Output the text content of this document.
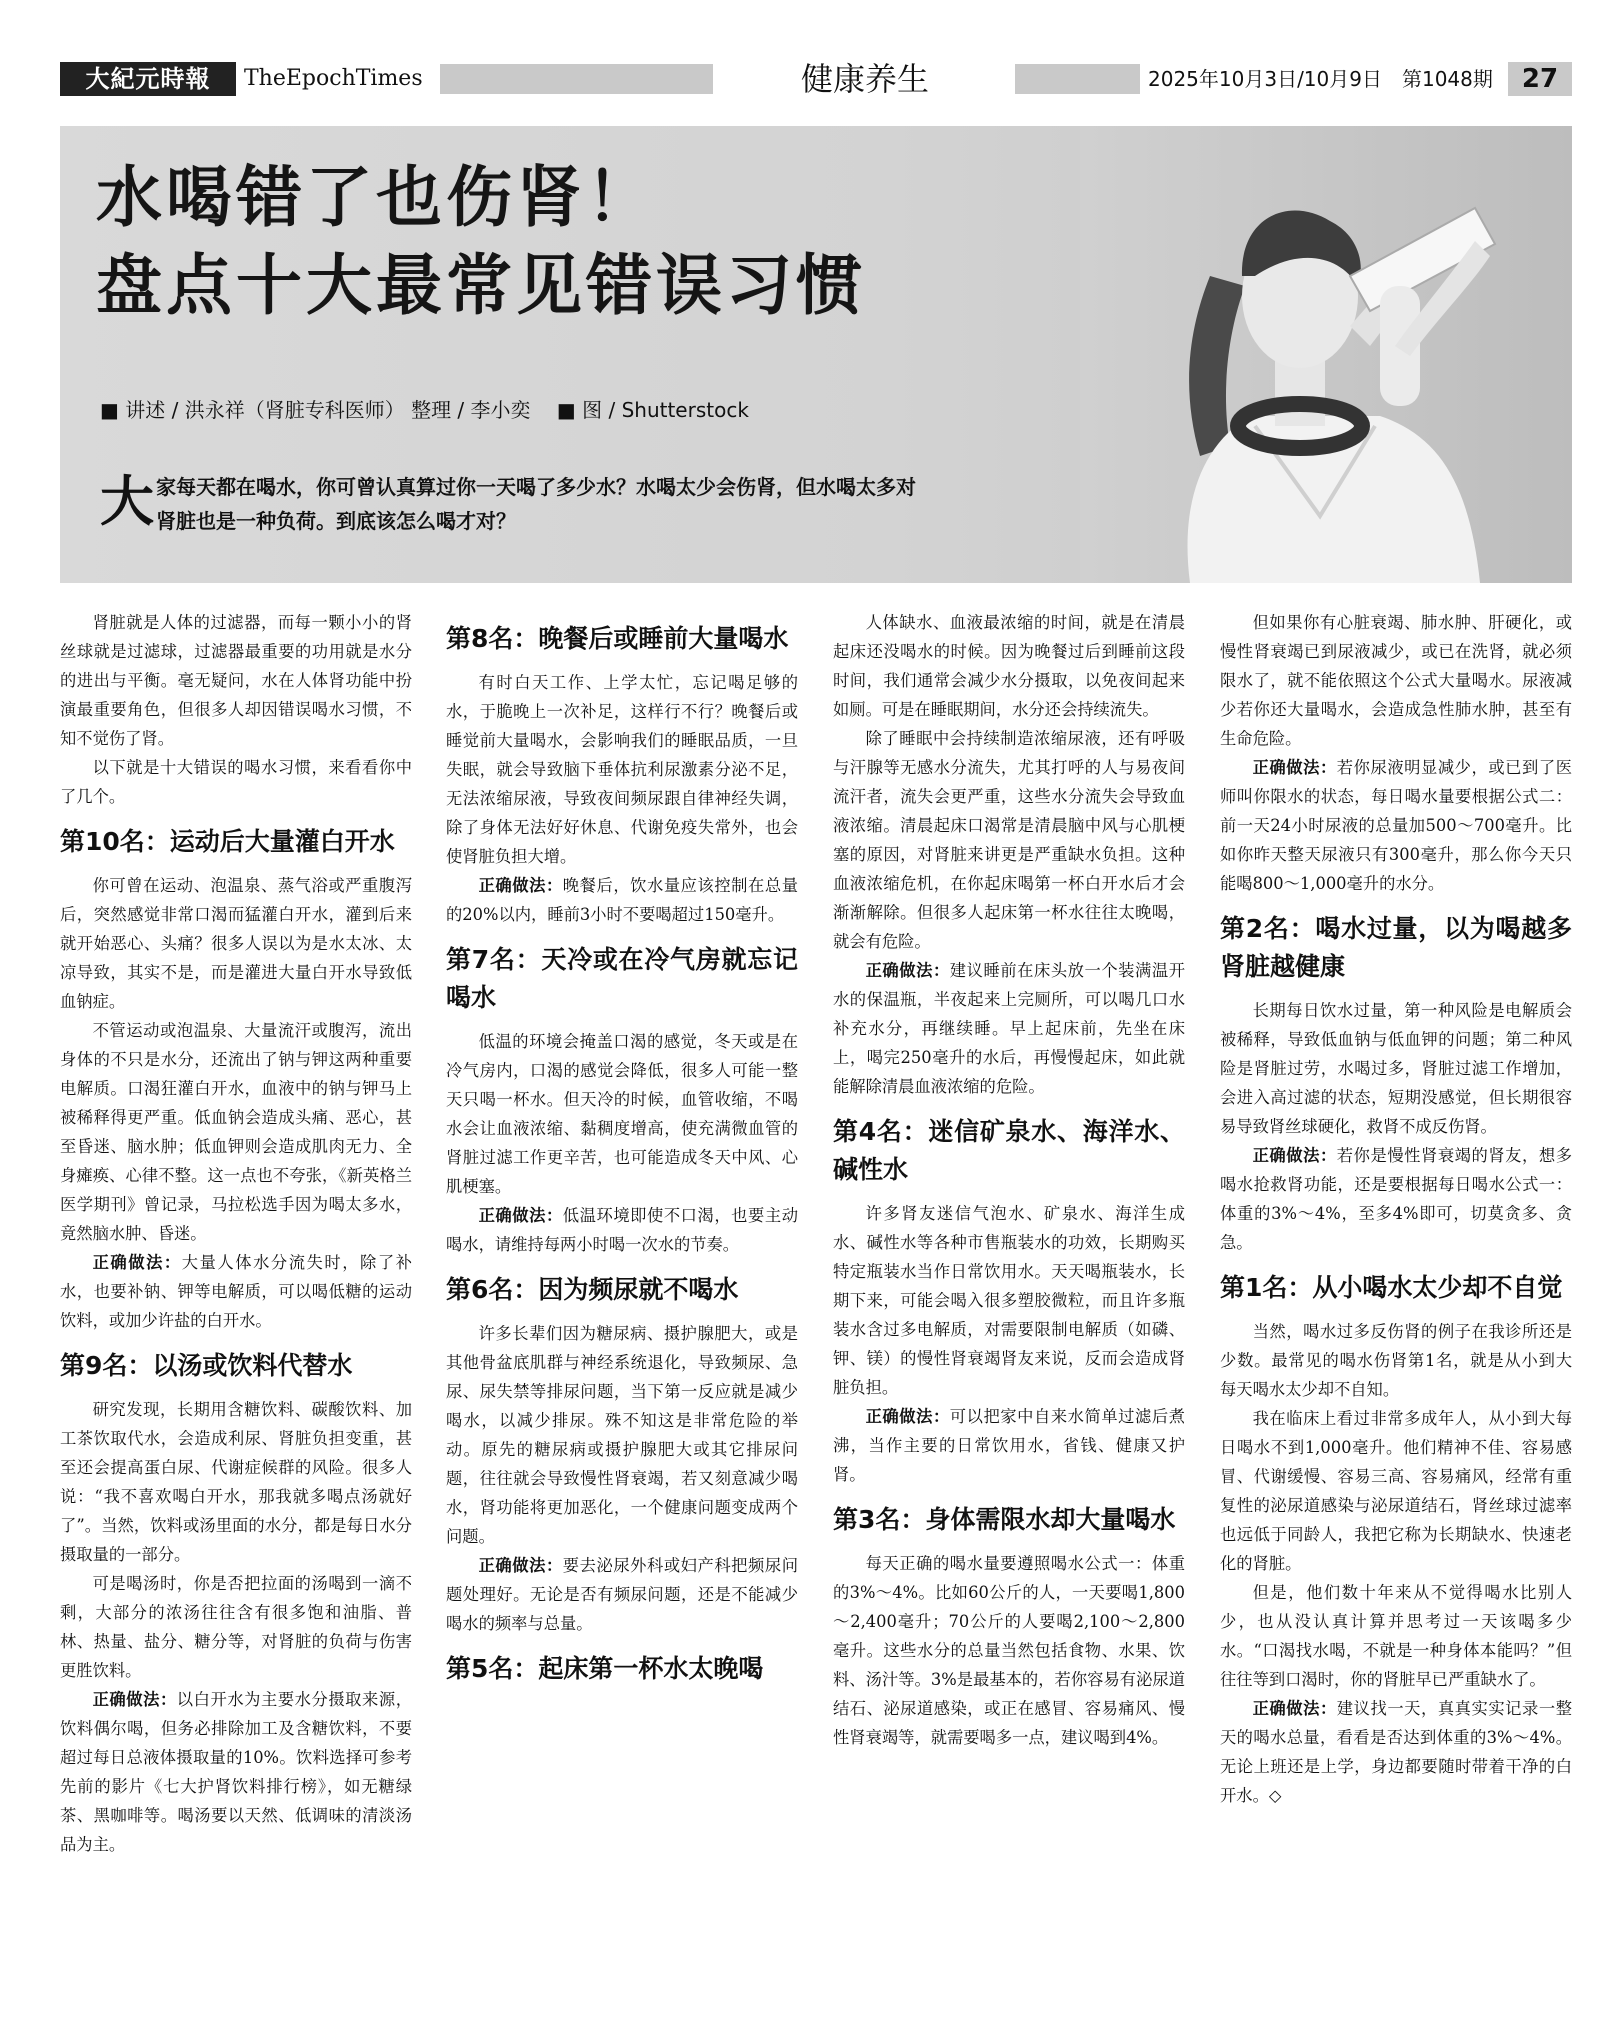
大紀元時報	TheEpochTimes	健康养生	2025年10月3日/10月9日　第1048期	27
水喝错了也伤肾！
盘点十大最常见错误习惯
■ 讲述 / 洪永祥（肾脏专科医师） 整理 / 李小奕　 ■ 图 / Shutterstock
大 家每天都在喝水，你可曾认真算过你一天喝了多少水？水喝太少会伤肾，但水喝太多对肾脏也是一种负荷。到底该怎么喝才对？

肾脏就是人体的过滤器，而每一颗小小的肾丝球就是过滤球，过滤器最重要的功用就是水分的进出与平衡。毫无疑问，水在人体肾功能中扮演最重要角色，但很多人却因错误喝水习惯，不知不觉伤了肾。

以下就是十大错误的喝水习惯，来看看你中了几个。

第10名：运动后大量灌白开水

你可曾在运动、泡温泉、蒸气浴或严重腹泻后，突然感觉非常口渴而猛灌白开水，灌到后来就开始恶心、头痛？很多人误以为是水太冰、太凉导致，其实不是，而是灌进大量白开水导致低血钠症。

不管运动或泡温泉、大量流汗或腹泻，流出身体的不只是水分，还流出了钠与钾这两种重要电解质。口渴狂灌白开水，血液中的钠与钾马上被稀释得更严重。低血钠会造成头痛、恶心，甚至昏迷、脑水肿；低血钾则会造成肌肉无力、全身瘫痪、心律不整。这一点也不夸张，《新英格兰医学期刊》曾记录，马拉松选手因为喝太多水，竟然脑水肿、昏迷。

正确做法：大量人体水分流失时，除了补水，也要补钠、钾等电解质，可以喝低糖的运动饮料，或加少许盐的白开水。

第9名：以汤或饮料代替水

研究发现，长期用含糖饮料、碳酸饮料、加工茶饮取代水，会造成利尿、肾脏负担变重，甚至还会提高蛋白尿、代谢症候群的风险。很多人说：“我不喜欢喝白开水，那我就多喝点汤就好了”。当然，饮料或汤里面的水分，都是每日水分摄取量的一部分。

可是喝汤时，你是否把拉面的汤喝到一滴不剩，大部分的浓汤往往含有很多饱和油脂、普林、热量、盐分、糖分等，对肾脏的负荷与伤害更胜饮料。

正确做法：以白开水为主要水分摄取来源，饮料偶尔喝，但务必排除加工及含糖饮料，不要超过每日总液体摄取量的10%。饮料选择可参考先前的影片《七大护肾饮料排行榜》，如无糖绿茶、黑咖啡等。喝汤要以天然、低调味的清淡汤品为主。

第8名：晚餐后或睡前大量喝水

有时白天工作、上学太忙，忘记喝足够的水，于脆晚上一次补足，这样行不行？晚餐后或睡觉前大量喝水，会影响我们的睡眠品质，一旦失眠，就会导致脑下垂体抗利尿激素分泌不足，无法浓缩尿液，导致夜间频尿跟自律神经失调，除了身体无法好好休息、代谢免疫失常外，也会使肾脏负担大增。

正确做法：晚餐后，饮水量应该控制在总量的20%以内，睡前3小时不要喝超过150毫升。

第7名：天冷或在冷气房就忘记喝水

低温的环境会掩盖口渴的感觉，冬天或是在冷气房内，口渴的感觉会降低，很多人可能一整天只喝一杯水。但天冷的时候，血管收缩，不喝水会让血液浓缩、黏稠度增高，使充满微血管的肾脏过滤工作更辛苦，也可能造成冬天中风、心肌梗塞。

正确做法：低温环境即使不口渴，也要主动喝水，请维持每两小时喝一次水的节奏。

第6名：因为频尿就不喝水

许多长辈们因为糖尿病、摄护腺肥大，或是其他骨盆底肌群与神经系统退化，导致频尿、急尿、尿失禁等排尿问题，当下第一反应就是减少喝水，以减少排尿。殊不知这是非常危险的举动。原先的糖尿病或摄护腺肥大或其它排尿问题，往往就会导致慢性肾衰竭，若又刻意减少喝水，肾功能将更加恶化，一个健康问题变成两个问题。

正确做法：要去泌尿外科或妇产科把频尿问题处理好。无论是否有频尿问题，还是不能减少喝水的频率与总量。

第5名：起床第一杯水太晚喝

人体缺水、血液最浓缩的时间，就是在清晨起床还没喝水的时候。因为晚餐过后到睡前这段时间，我们通常会减少水分摄取，以免夜间起来如厕。可是在睡眠期间，水分还会持续流失。

除了睡眠中会持续制造浓缩尿液，还有呼吸与汗腺等无感水分流失，尤其打呼的人与易夜间流汗者，流失会更严重，这些水分流失会导致血液浓缩。清晨起床口渴常是清晨脑中风与心肌梗塞的原因，对肾脏来讲更是严重缺水负担。这种血液浓缩危机，在你起床喝第一杯白开水后才会渐渐解除。但很多人起床第一杯水往往太晚喝，就会有危险。

正确做法：建议睡前在床头放一个装满温开水的保温瓶，半夜起来上完厕所，可以喝几口水补充水分，再继续睡。早上起床前，先坐在床上，喝完250毫升的水后，再慢慢起床，如此就能解除清晨血液浓缩的危险。

第4名：迷信矿泉水、海洋水、碱性水

许多肾友迷信气泡水、矿泉水、海洋生成水、碱性水等各种市售瓶装水的功效，长期购买特定瓶装水当作日常饮用水。天天喝瓶装水，长期下来，可能会喝入很多塑胶微粒，而且许多瓶装水含过多电解质，对需要限制电解质（如磷、钾、镁）的慢性肾衰竭肾友来说，反而会造成肾脏负担。

正确做法：可以把家中自来水简单过滤后煮沸，当作主要的日常饮用水，省钱、健康又护肾。

第3名：身体需限水却大量喝水

每天正确的喝水量要遵照喝水公式一：体重的3%～4%。比如60公斤的人，一天要喝1,800～2,400毫升；70公斤的人要喝2,100～2,800毫升。这些水分的总量当然包括食物、水果、饮料、汤汁等。3%是最基本的，若你容易有泌尿道结石、泌尿道感染，或正在感冒、容易痛风、慢性肾衰竭等，就需要喝多一点，建议喝到4%。

但如果你有心脏衰竭、肺水肿、肝硬化，或慢性肾衰竭已到尿液减少，或已在洗肾，就必须限水了，就不能依照这个公式大量喝水。尿液减少若你还大量喝水，会造成急性肺水肿，甚至有生命危险。

正确做法：若你尿液明显减少，或已到了医师叫你限水的状态，每日喝水量要根据公式二：前一天24小时尿液的总量加500～700毫升。比如你昨天整天尿液只有300毫升，那么你今天只能喝800～1,000毫升的水分。

第2名：喝水过量，以为喝越多肾脏越健康

长期每日饮水过量，第一种风险是电解质会被稀释，导致低血钠与低血钾的问题；第二种风险是肾脏过劳，水喝过多，肾脏过滤工作增加，会进入高过滤的状态，短期没感觉，但长期很容易导致肾丝球硬化，救肾不成反伤肾。

正确做法：若你是慢性肾衰竭的肾友，想多喝水抢救肾功能，还是要根据每日喝水公式一：体重的3%～4%，至多4%即可，切莫贪多、贪急。

第1名：从小喝水太少却不自觉

当然，喝水过多反伤肾的例子在我诊所还是少数。最常见的喝水伤肾第1名，就是从小到大每天喝水太少却不自知。

我在临床上看过非常多成年人，从小到大每日喝水不到1,000毫升。他们精神不佳、容易感冒、代谢缓慢、容易三高、容易痛风，经常有重复性的泌尿道感染与泌尿道结石，肾丝球过滤率也远低于同龄人，我把它称为长期缺水、快速老化的肾脏。

但是，他们数十年来从不觉得喝水比别人少，也从没认真计算并思考过一天该喝多少水。“口渴找水喝，不就是一种身体本能吗？”但往往等到口渴时，你的肾脏早已严重缺水了。

正确做法：建议找一天，真真实实记录一整天的喝水总量，看看是否达到体重的3%～4%。无论上班还是上学，身边都要随时带着干净的白开水。◇
